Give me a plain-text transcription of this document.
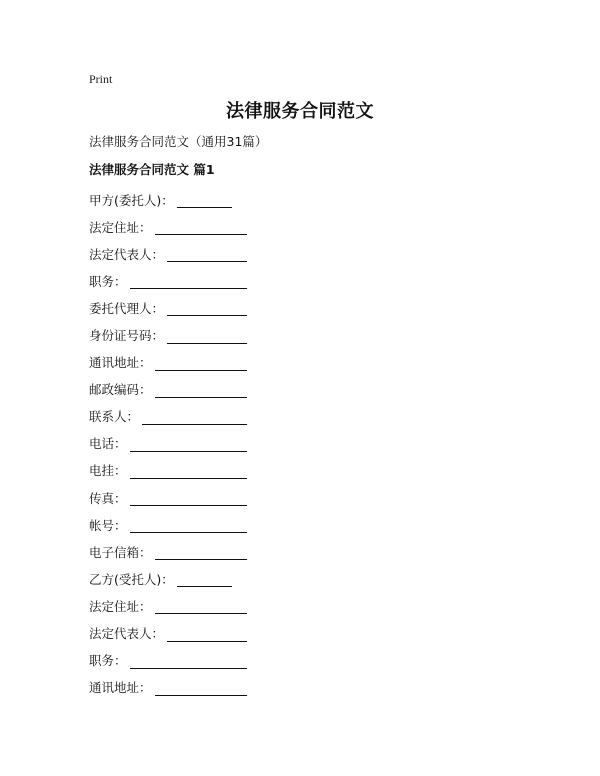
Print
法律服务合同范文
法律服务合同范文（通用31篇）
法律服务合同范文 篇1
甲方(委托人)：
法定住址：
法定代表人：
职务：
委托代理人：
身份证号码：
通讯地址：
邮政编码：
联系人：
电话：
电挂：
传真：
帐号：
电子信箱：
乙方(受托人)：
法定住址：
法定代表人：
职务：
通讯地址：
